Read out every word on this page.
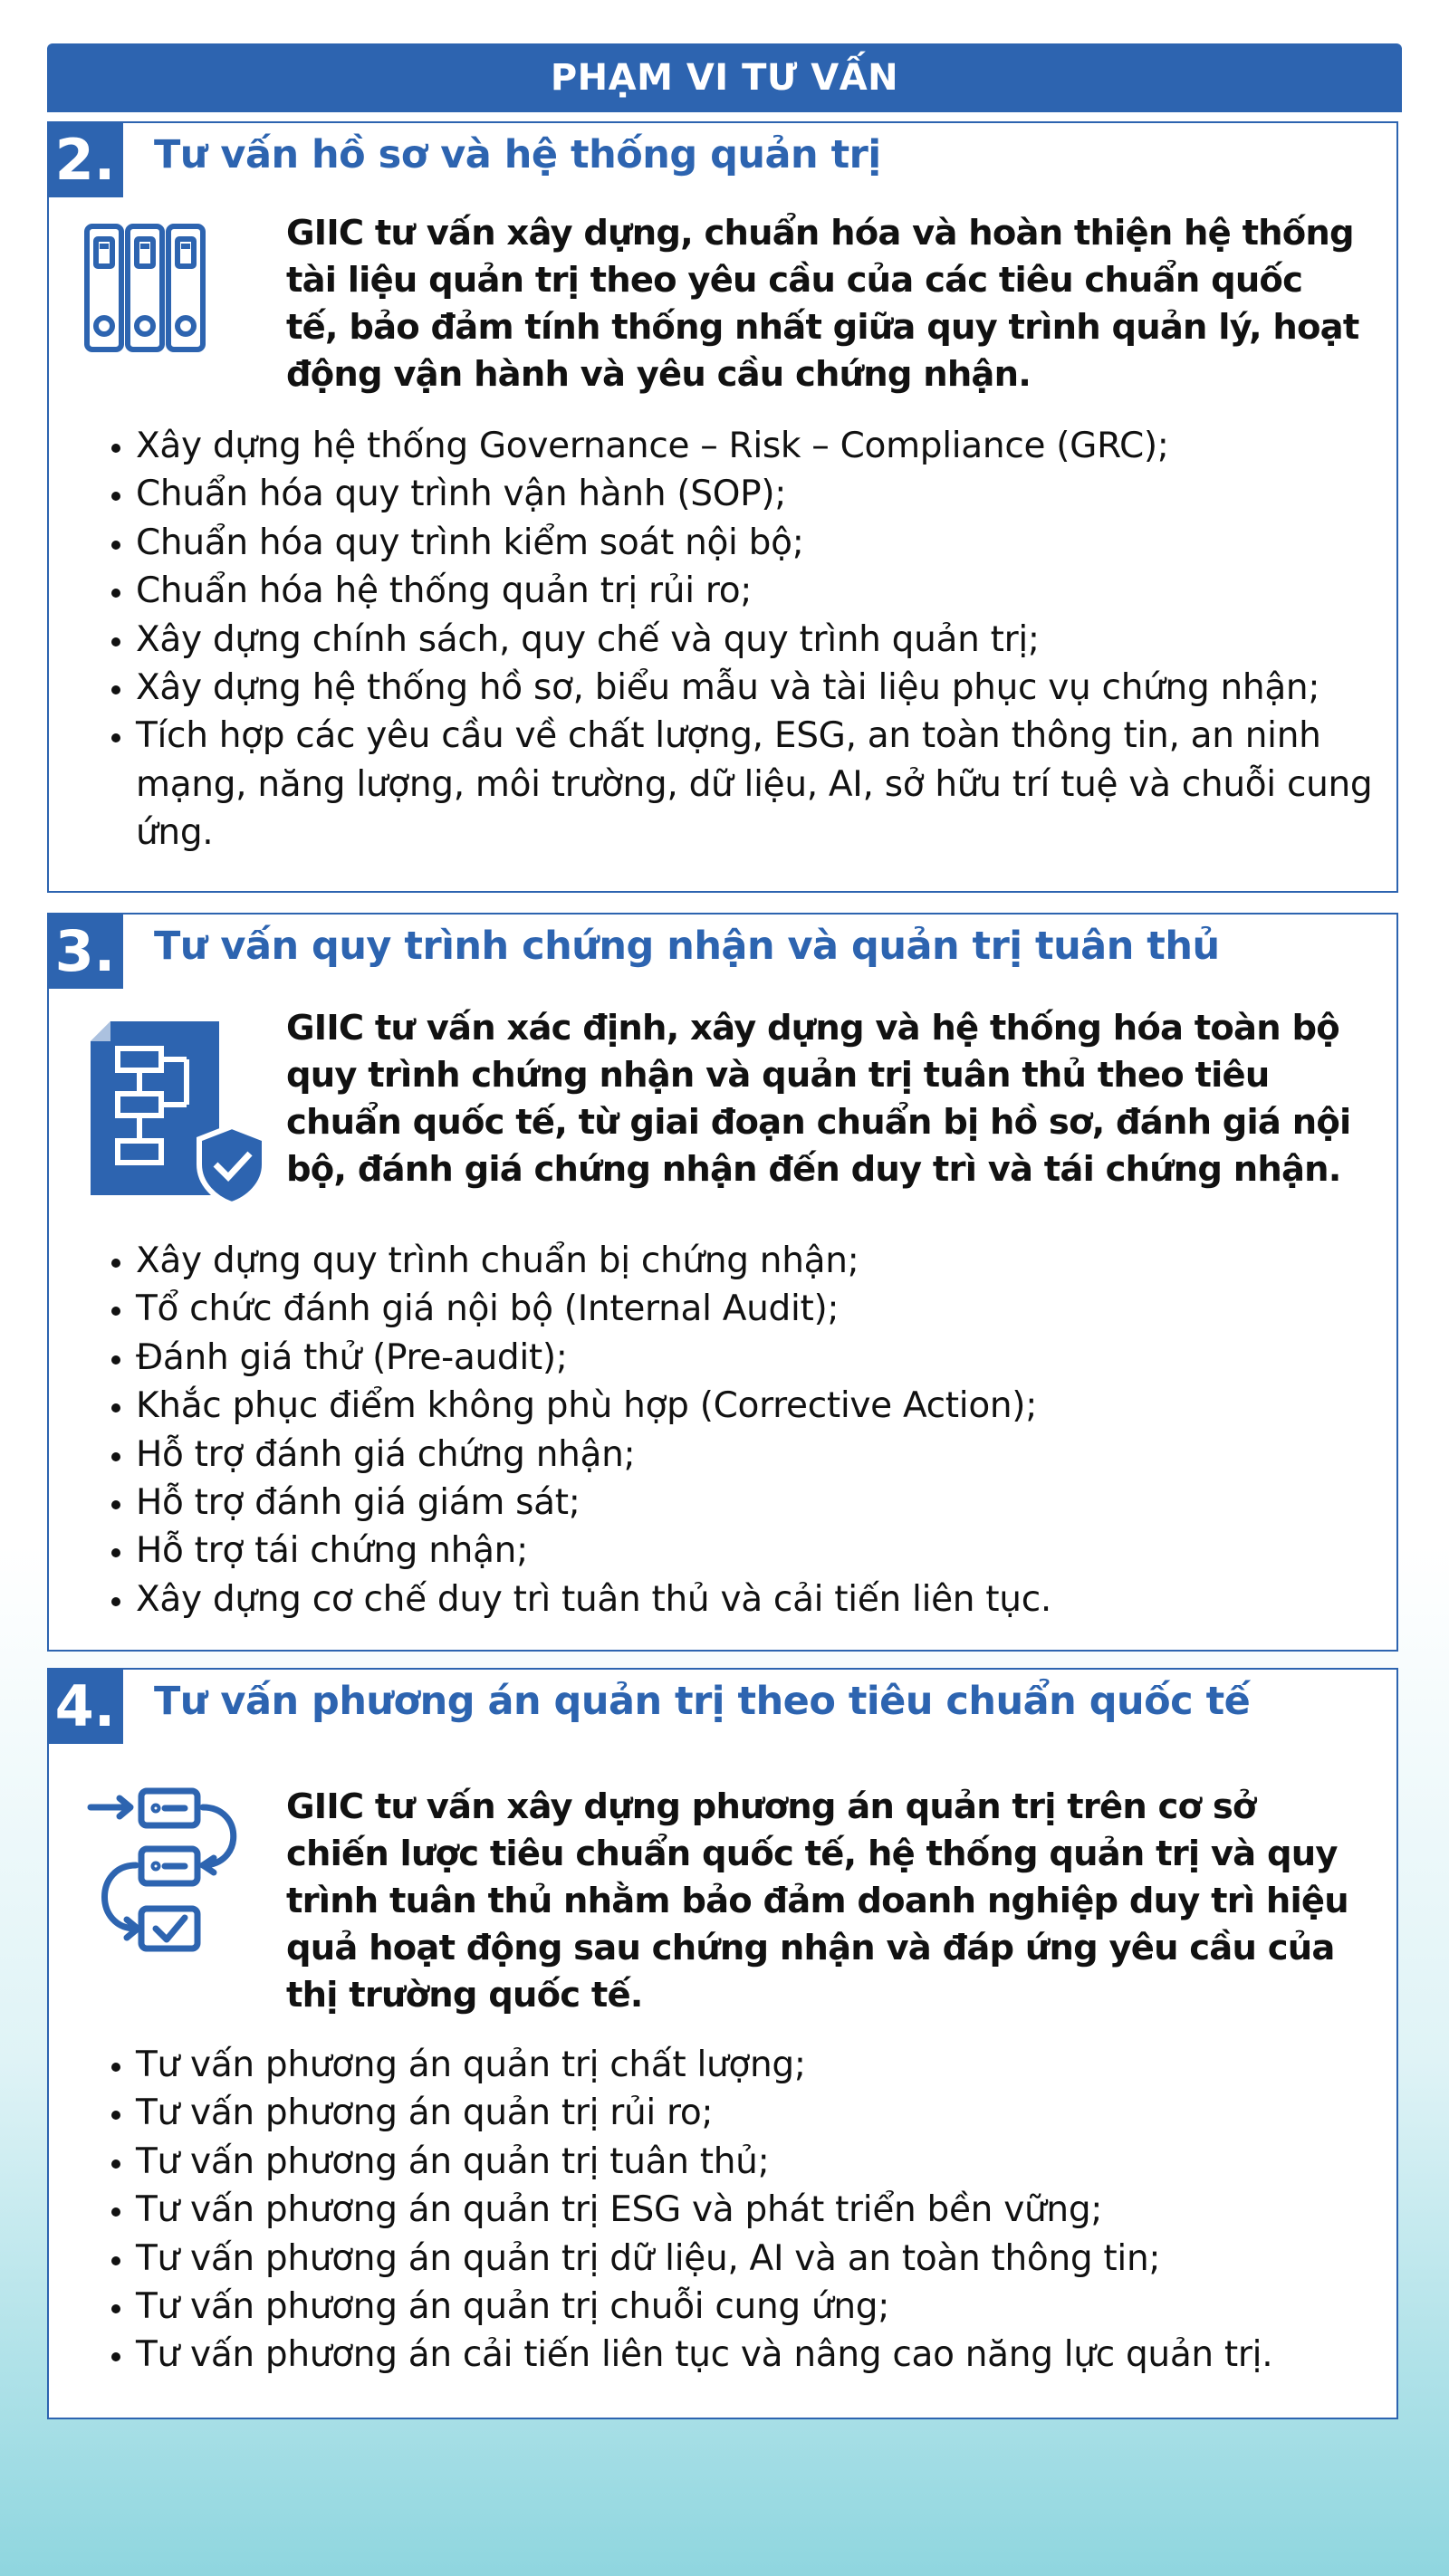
PHẠM VI TƯ VẤN
2. Tư vấn hồ sơ và hệ thống quản trị
GIIC tư vấn xây dựng, chuẩn hóa và hoàn thiện hệ thống tài liệu quản trị theo yêu cầu của các tiêu chuẩn quốc tế, bảo đảm tính thống nhất giữa quy trình quản lý, hoạt động vận hành và yêu cầu chứng nhận.
• Xây dựng hệ thống Governance – Risk – Compliance (GRC);
• Chuẩn hóa quy trình vận hành (SOP);
• Chuẩn hóa quy trình kiểm soát nội bộ;
• Chuẩn hóa hệ thống quản trị rủi ro;
• Xây dựng chính sách, quy chế và quy trình quản trị;
• Xây dựng hệ thống hồ sơ, biểu mẫu và tài liệu phục vụ chứng nhận;
• Tích hợp các yêu cầu về chất lượng, ESG, an toàn thông tin, an ninh mạng, năng lượng, môi trường, dữ liệu, AI, sở hữu trí tuệ và chuỗi cung ứng.
3. Tư vấn quy trình chứng nhận và quản trị tuân thủ
GIIC tư vấn xác định, xây dựng và hệ thống hóa toàn bộ quy trình chứng nhận và quản trị tuân thủ theo tiêu chuẩn quốc tế, từ giai đoạn chuẩn bị hồ sơ, đánh giá nội bộ, đánh giá chứng nhận đến duy trì và tái chứng nhận.
• Xây dựng quy trình chuẩn bị chứng nhận;
• Tổ chức đánh giá nội bộ (Internal Audit);
• Đánh giá thử (Pre-audit);
• Khắc phục điểm không phù hợp (Corrective Action);
• Hỗ trợ đánh giá chứng nhận;
• Hỗ trợ đánh giá giám sát;
• Hỗ trợ tái chứng nhận;
• Xây dựng cơ chế duy trì tuân thủ và cải tiến liên tục.
4. Tư vấn phương án quản trị theo tiêu chuẩn quốc tế
GIIC tư vấn xây dựng phương án quản trị trên cơ sở chiến lược tiêu chuẩn quốc tế, hệ thống quản trị và quy trình tuân thủ nhằm bảo đảm doanh nghiệp duy trì hiệu quả hoạt động sau chứng nhận và đáp ứng yêu cầu của thị trường quốc tế.
• Tư vấn phương án quản trị chất lượng;
• Tư vấn phương án quản trị rủi ro;
• Tư vấn phương án quản trị tuân thủ;
• Tư vấn phương án quản trị ESG và phát triển bền vững;
• Tư vấn phương án quản trị dữ liệu, AI và an toàn thông tin;
• Tư vấn phương án quản trị chuỗi cung ứng;
• Tư vấn phương án cải tiến liên tục và nâng cao năng lực quản trị.
